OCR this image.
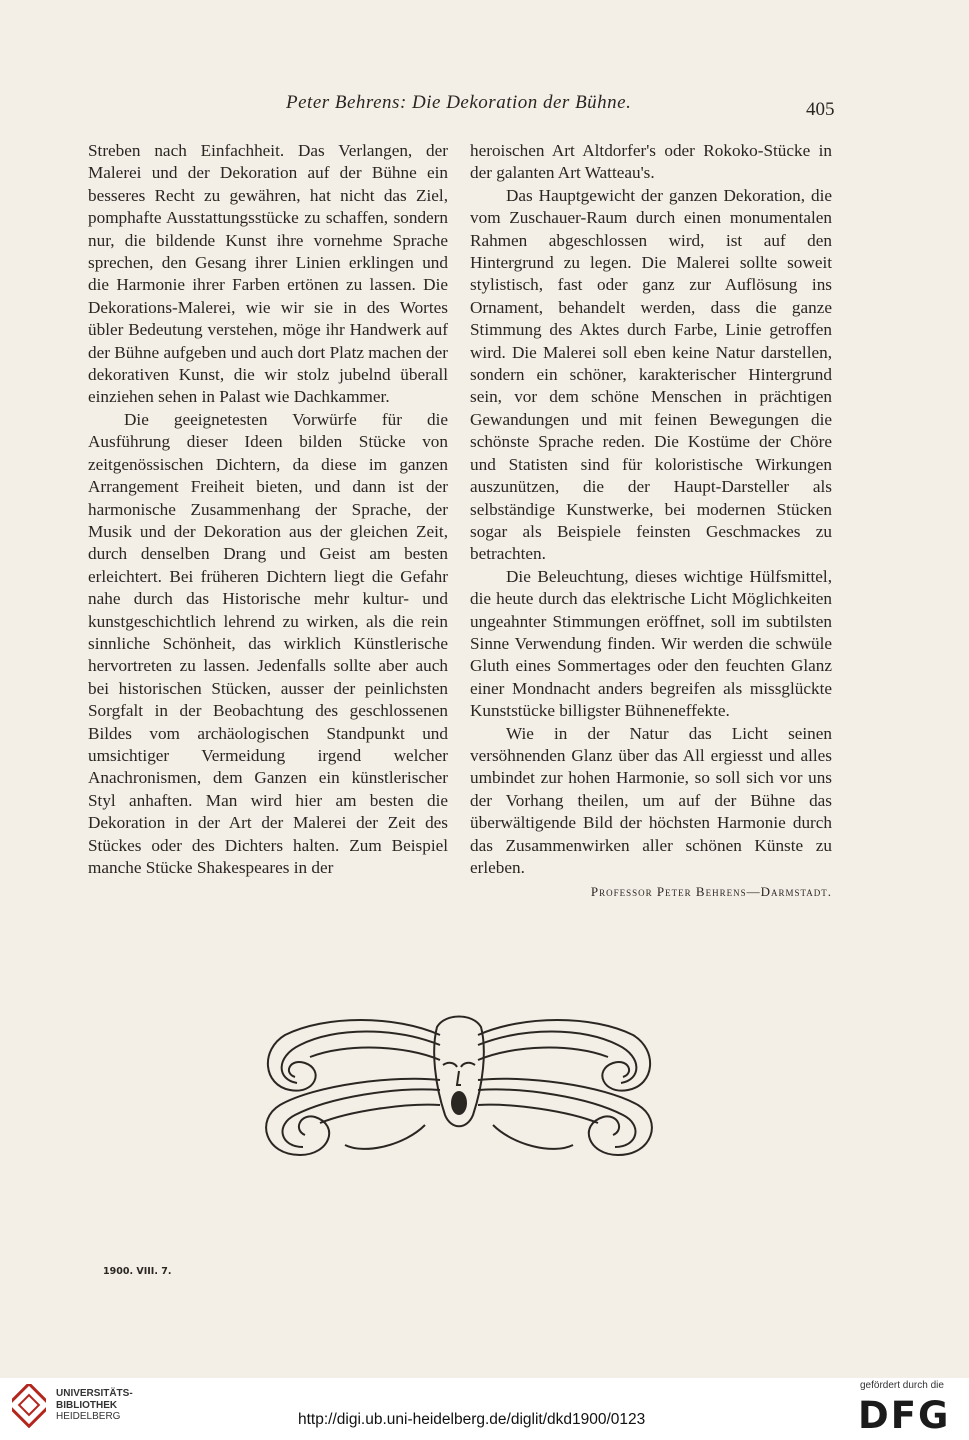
Peter Behrens: Die Dekoration der Bühne.	405

Streben nach Einfachheit. Das Verlangen, der Malerei und der Dekoration auf der Bühne ein besseres Recht zu gewähren, hat nicht das Ziel, pomphafte Ausstattungsstücke zu schaffen, sondern nur, die bildende Kunst ihre vornehme Sprache sprechen, den Gesang ihrer Linien erklingen und die Harmonie ihrer Farben ertönen zu lassen. Die Dekorations-Malerei, wie wir sie in des Wortes übler Bedeutung verstehen, möge ihr Handwerk auf der Bühne aufgeben und auch dort Platz machen der dekorativen Kunst, die wir stolz jubelnd überall einziehen sehen in Palast wie Dachkammer.

Die geeignetesten Vorwürfe für die Ausführung dieser Ideen bilden Stücke von zeitgenössischen Dichtern, da diese im ganzen Arrangement Freiheit bieten, und dann ist der harmonische Zusammenhang der Sprache, der Musik und der Dekoration aus der gleichen Zeit, durch denselben Drang und Geist am besten erleichtert. Bei früheren Dichtern liegt die Gefahr nahe durch das Historische mehr kultur- und kunstgeschichtlich lehrend zu wirken, als die rein sinnliche Schönheit, das wirklich Künstlerische hervortreten zu lassen. Jedenfalls sollte aber auch bei historischen Stücken, ausser der peinlichsten Sorgfalt in der Beobachtung des geschlossenen Bildes vom archäologischen Standpunkt und umsichtiger Vermeidung irgend welcher Anachronismen, dem Ganzen ein künstlerischer Styl anhaften. Man wird hier am besten die Dekoration in der Art der Malerei der Zeit des Stückes oder des Dichters halten. Zum Beispiel manche Stücke Shakespeares in der

heroischen Art Altdorfer's oder Rokoko-Stücke in der galanten Art Watteau's.

Das Hauptgewicht der ganzen Dekoration, die vom Zuschauer-Raum durch einen monumentalen Rahmen abgeschlossen wird, ist auf den Hintergrund zu legen. Die Malerei sollte soweit stylistisch, fast oder ganz zur Auflösung ins Ornament, behandelt werden, dass die ganze Stimmung des Aktes durch Farbe, Linie getroffen wird. Die Malerei soll eben keine Natur darstellen, sondern ein schöner, karakterischer Hintergrund sein, vor dem schöne Menschen in prächtigen Gewandungen und mit feinen Bewegungen die schönste Sprache reden. Die Kostüme der Chöre und Statisten sind für koloristische Wirkungen auszunützen, die der Haupt-Darsteller als selbständige Kunstwerke, bei modernen Stücken sogar als Beispiele feinsten Geschmackes zu betrachten.

Die Beleuchtung, dieses wichtige Hülfsmittel, die heute durch das elektrische Licht Möglichkeiten ungeahnter Stimmungen eröffnet, soll im subtilsten Sinne Verwendung finden. Wir werden die schwüle Gluth eines Sommertages oder den feuchten Glanz einer Mondnacht anders begreifen als missglückte Kunststücke billigster Bühneneffekte.

Wie in der Natur das Licht seinen versöhnenden Glanz über das All ergiesst und alles umbindet zur hohen Harmonie, so soll sich vor uns der Vorhang theilen, um auf der Bühne das überwältigende Bild der höchsten Harmonie durch das Zusammenwirken aller schönen Künste zu erleben.

Professor Peter Behrens—Darmstadt.
1900. VIII. 7.
UNIVERSITÄTS-
BIBLIOTHEK
HEIDELBERG	http://digi.ub.uni-heidelberg.de/diglit/dkd1900/0123
gefördert durch die
DFG
